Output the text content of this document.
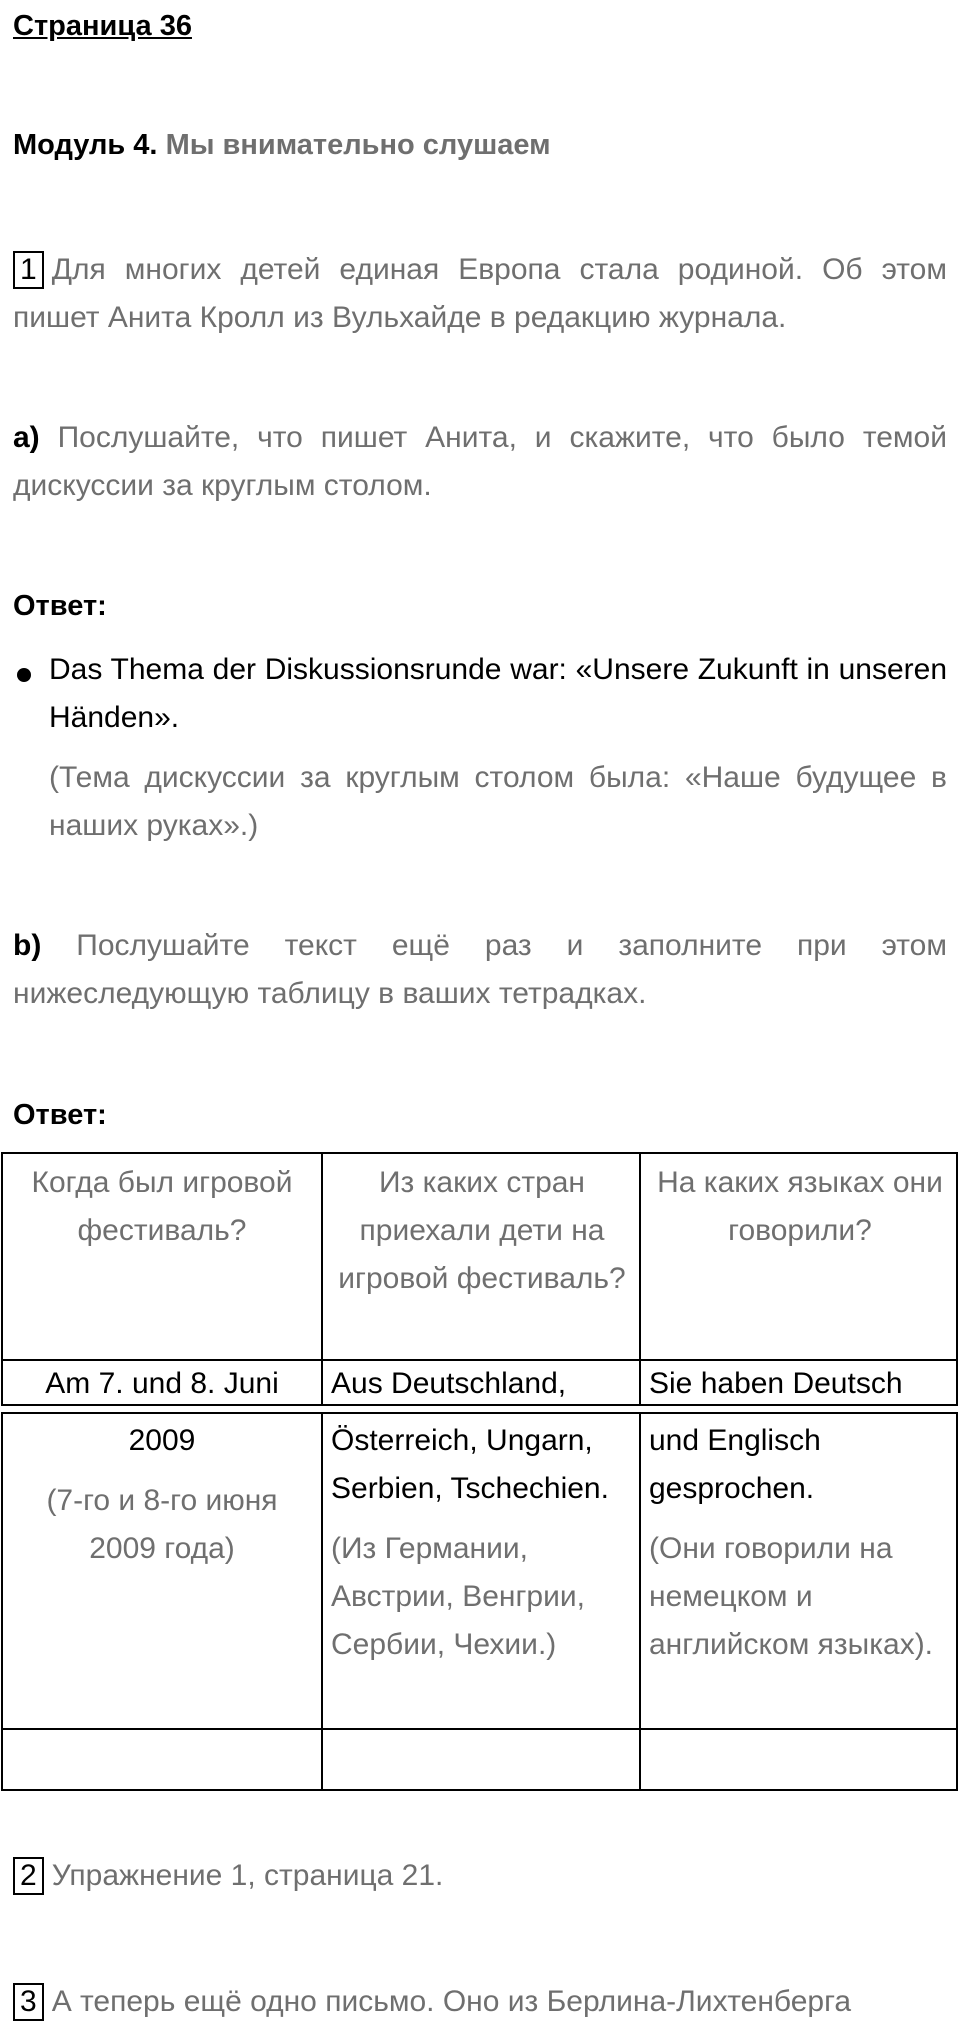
Страница 36
Модуль 4. Мы внимательно слушаем
1 Для многих детей единая Европа стала родиной. Об этом пишет Анита Кролл из Вульхайде в редакцию журнала.
a) Послушайте, что пишет Анита, и скажите, что было темой дискуссии за круглым столом.
Ответ:
Das Thema der Diskussionsrunde war: «Unsere Zukunft in unseren Händen».
(Тема дискуссии за круглым столом была: «Наше будущее в наших руках».)
b) Послушайте текст ещё раз и заполните при этом нижеследующую таблицу в ваших тетрадках.
Ответ:
Когда был игровой фестиваль?
Из каких стран приехали дети на игровой фестиваль?
На каких языках они говорили?
Am 7. und 8. Juni	Aus Deutschland,	Sie haben Deutsch
2009
(7-го и 8-го июня 2009 года)
Österreich, Ungarn, Serbien, Tschechien.
(Из Германии, Австрии, Венгрии, Сербии, Чехии.)
und Englisch gesprochen.
(Они говорили на немецком и английском языках).
2 Упражнение 1, страница 21.
3 А теперь ещё одно письмо. Оно из Берлина-Лихтенберга
